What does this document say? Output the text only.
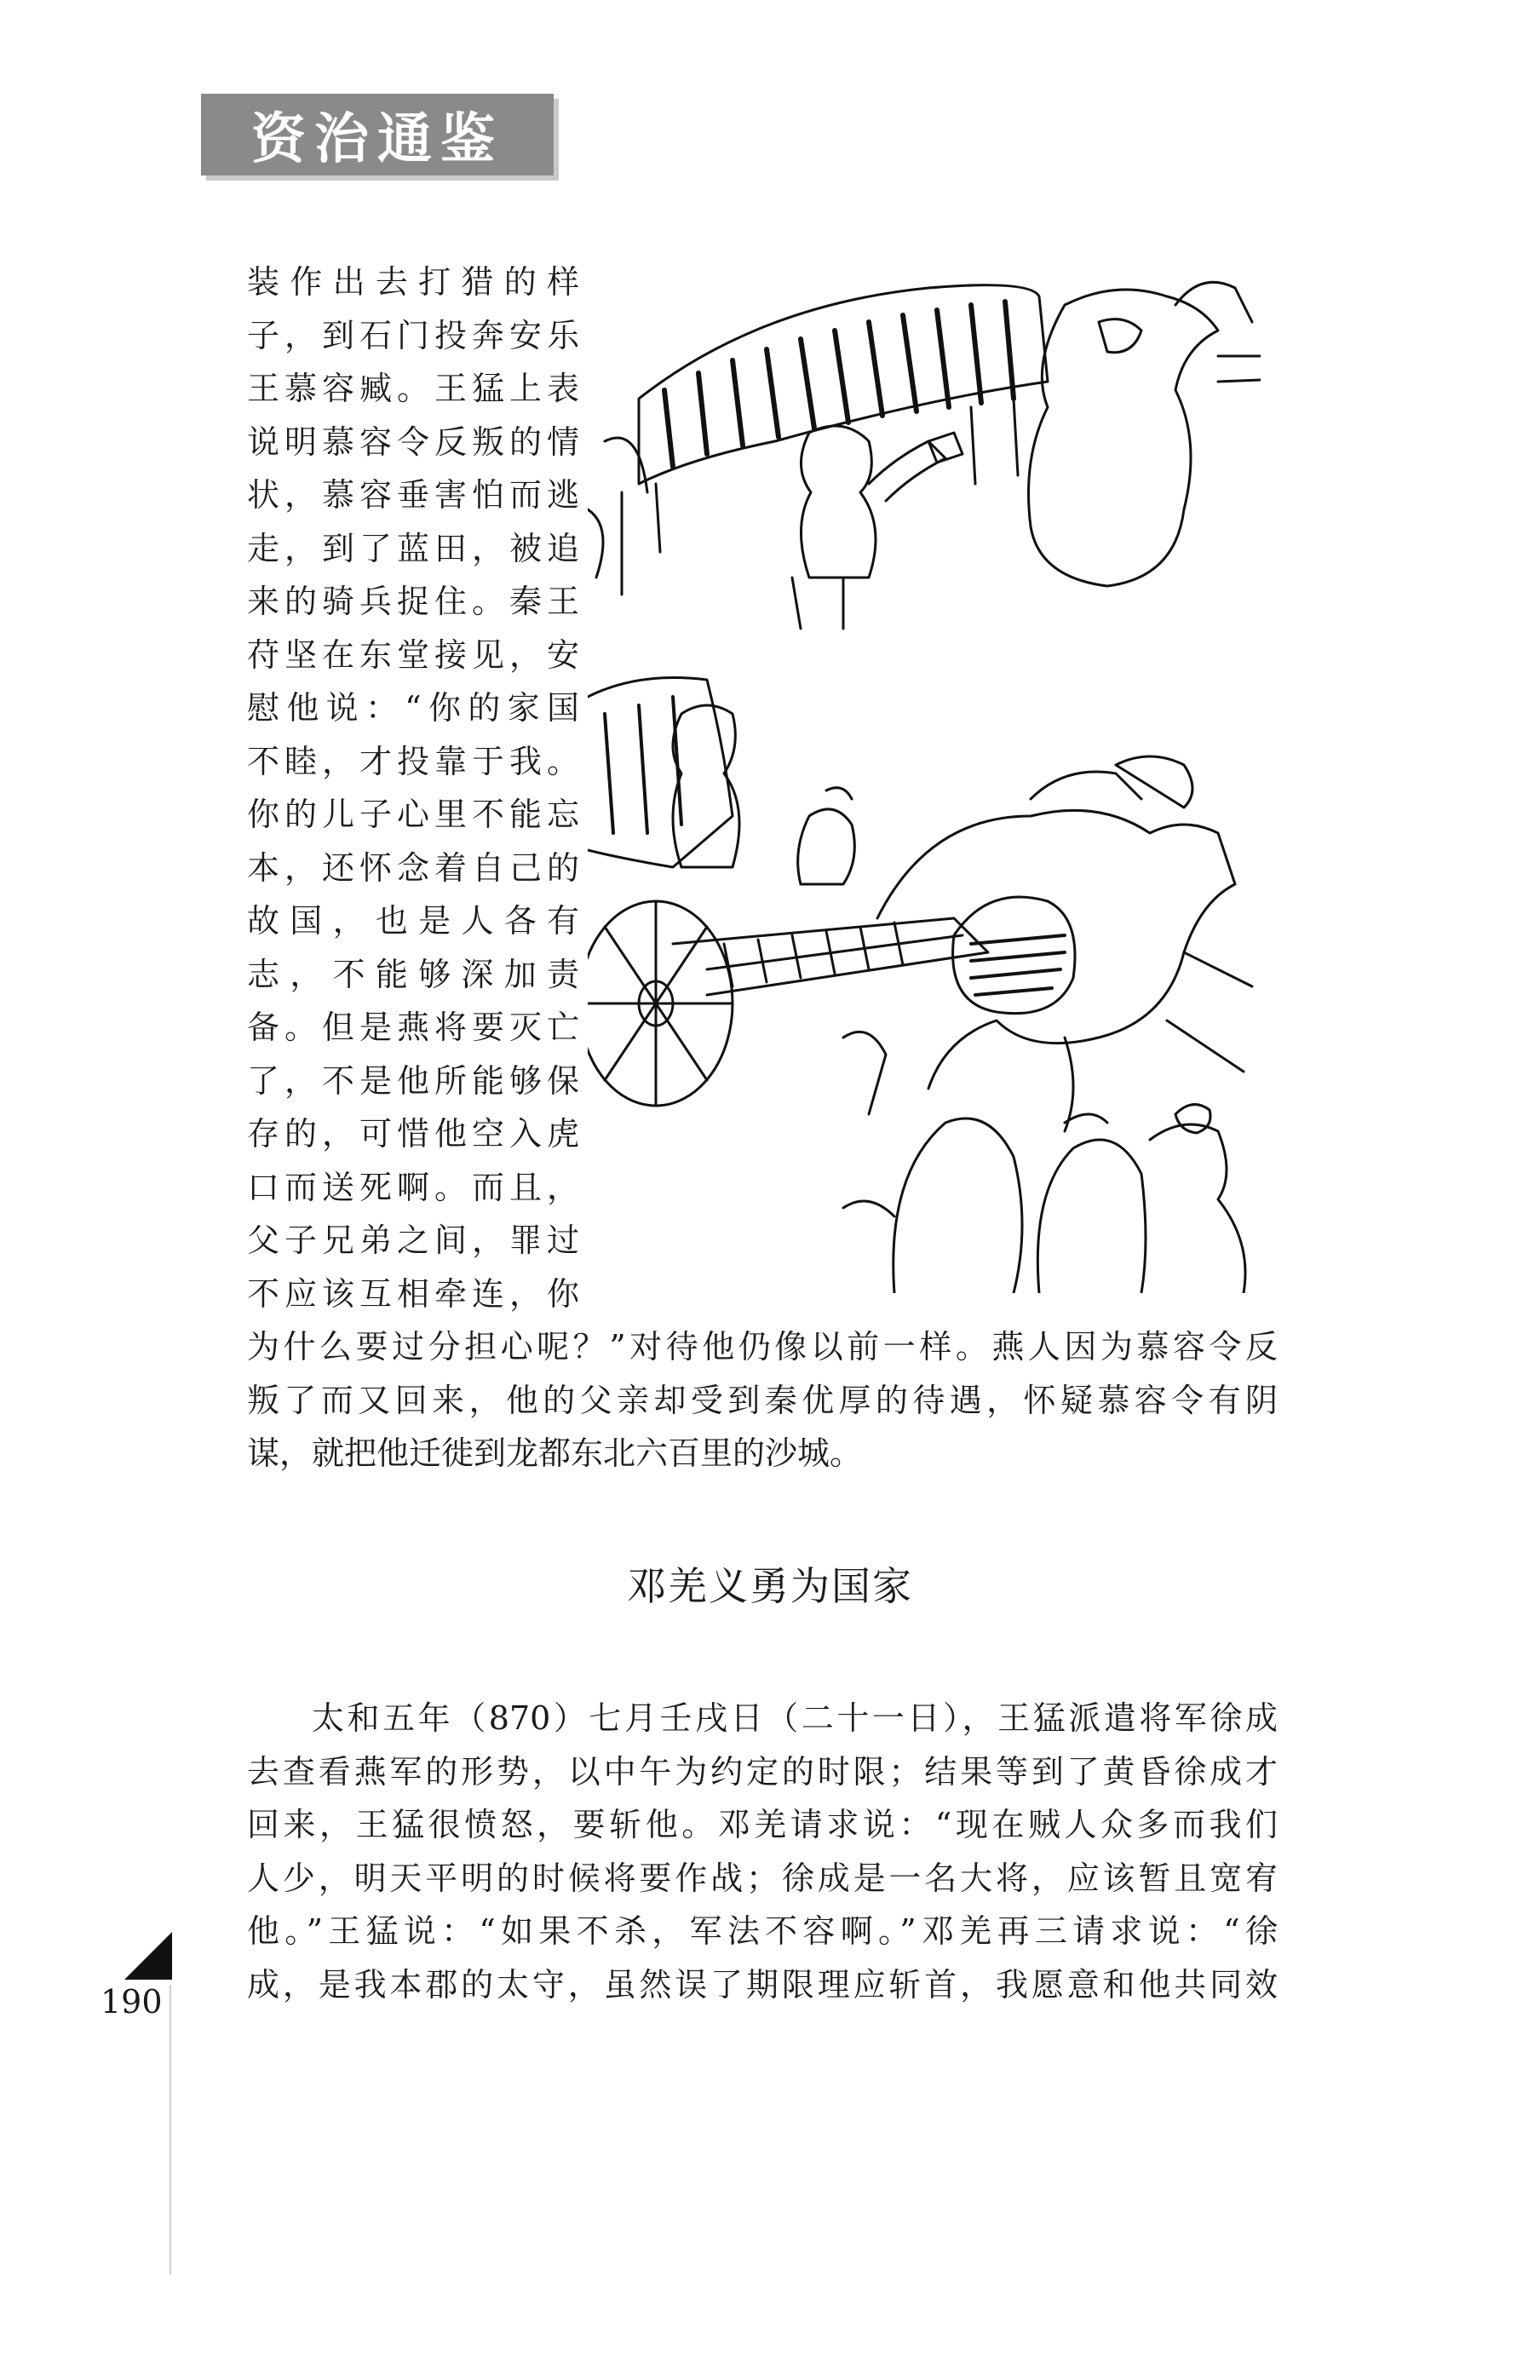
资治通鉴
装作出去打猎的样
子，到石门投奔安乐
王慕容臧。王猛上表
说明慕容令反叛的情
状，慕容垂害怕而逃
走，到了蓝田，被追
来的骑兵捉住。秦王
苻坚在东堂接见，安
慰他说：“你的家国
不睦，才投靠于我。
你的儿子心里不能忘
本，还怀念着自己的
故国，也是人各有
志，不能够深加责
备。但是燕将要灭亡
了，不是他所能够保
存的，可惜他空入虎
口而送死啊。而且，
父子兄弟之间，罪过
不应该互相牵连，你
为什么要过分担心呢？”对待他仍像以前一样。燕人因为慕容令反
叛了而又回来，他的父亲却受到秦优厚的待遇，怀疑慕容令有阴
谋，就把他迁徙到龙都东北六百里的沙城。
邓羌义勇为国家
太和五年（870）七月壬戌日（二十一日），王猛派遣将军徐成
去查看燕军的形势，以中午为约定的时限；结果等到了黄昏徐成才
回来，王猛很愤怒，要斩他。邓羌请求说：“现在贼人众多而我们
人少，明天平明的时候将要作战；徐成是一名大将，应该暂且宽宥
他。”王猛说：“如果不杀，军法不容啊。”邓羌再三请求说：“徐
成，是我本郡的太守，虽然误了期限理应斩首，我愿意和他共同效
190
